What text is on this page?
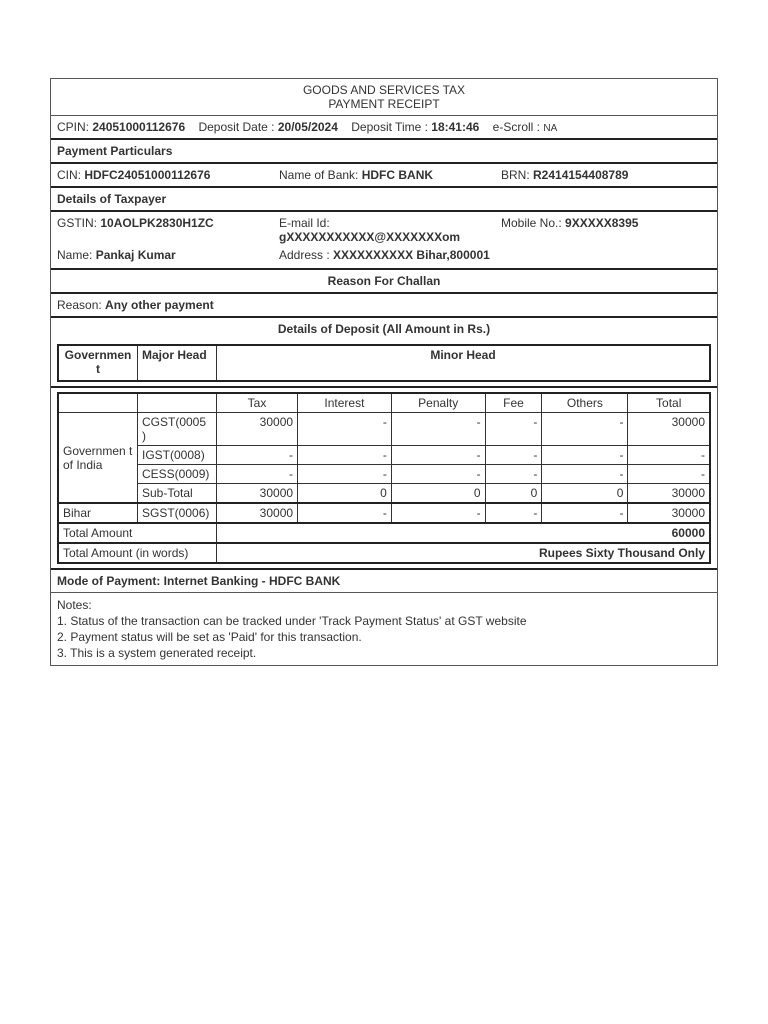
GOODS AND SERVICES TAX
PAYMENT RECEIPT
CPIN: 24051000112676 Deposit Date : 20/05/2024 Deposit Time : 18:41:46 e-Scroll : NA
Payment Particulars
CIN: HDFC24051000112676	Name of Bank: HDFC BANK	BRN: R2414154408789
Details of Taxpayer
GSTIN: 10AOLPK2830H1ZC	E-mail Id:
gXXXXXXXXXXX@XXXXXXXom
Mobile No.: 9XXXXX8395
Name: Pankaj Kumar	Address : XXXXXXXXXX Bihar,800001
Reason For Challan
Reason: Any other payment
Details of Deposit (All Amount in Rs.)
Governmen t	Major Head	Minor Head
		Tax	Interest	Penalty	Fee	Others	Total

Governmen t
of India	CGST(0005 )	30000	-	-	-	-	30000
	IGST(0008)	-	-	-	-	-	-
	CESS(0009)	-	-	-	-	-	-
	Sub-Total	30000	0	0	0	0	30000
Bihar	SGST(0006)	30000	-	-	-	-	30000
Total Amount		60000					
Total Amount (in words)		Rupees Sixty Thousand Only					
Mode of Payment: Internet Banking - HDFC BANK
Notes:
1. Status of the transaction can be tracked under 'Track Payment Status' at GST website
2. Payment status will be set as 'Paid' for this transaction.
3. This is a system generated receipt.
